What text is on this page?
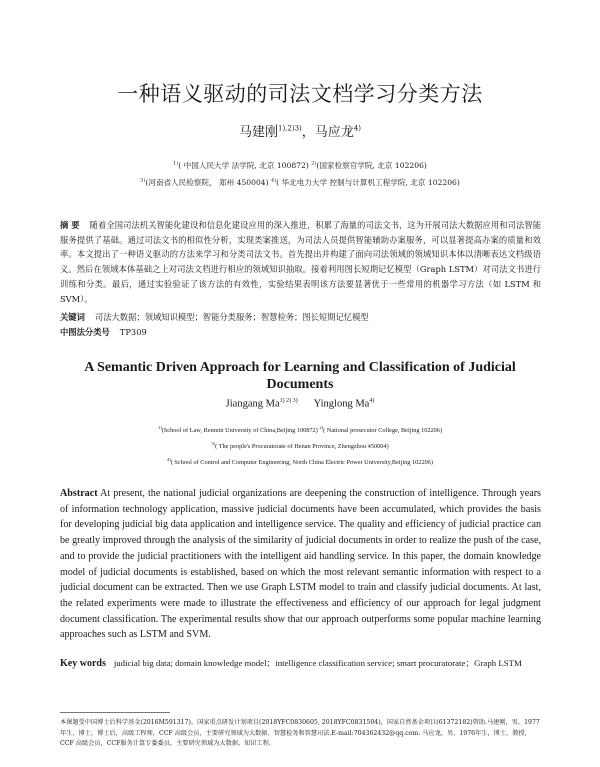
一种语义驱动的司法文档学习分类方法
马建刚$^{1),2)3)}$，马应龙$^{4)}$
$^{1)}$( 中国人民大学 法学院, 北京 100872) $^{2)}$(国家检察官学院, 北京 102206)
$^{3)}$(河南省人民检察院， 郑州 450004) $^{4)}$( 华北电力大学 控制与计算机工程学院, 北京 102206)
摘 要 随着全国司法机关智能化建设和信息化建设应用的深入推进，积累了海量的司法文书，这为开展司法大数据应用和司法智能服务提供了基础。通过司法文书的相似性分析，实现类案推送，为司法人员提供智能辅助办案服务，可以显著提高办案的质量和效率。本文提出了一种语义驱动的方法来学习和分类司法文书。首先提出并构建了面向司法领域的领域知识本体以清晰表达文档级语义。然后在领域本体基础之上对司法文档进行相应的领域知识抽取。接着利用图长短期记忆模型（Graph LSTM）对司法文书进行训练和分类。最后，通过实验验证了该方法的有效性，实验结果表明该方法要显著优于一些常用的机器学习方法（如 LSTM 和 SVM）。
关键词 司法大数据；领域知识模型；智能分类服务；智慧检务；图长短期记忆模型
中图法分类号 TP309
A Semantic Driven Approach for Learning and Classification of Judicial
Documents
Jiangang $Ma^{1) 2) 3)}$ Yinglong Ma$^{4)}$
$^{1)}$(School of Law, Renmin University of China,Beijing 100872) $^{2)}$( National prosecutor College, Beijing 102206)
$^{3)}$( The people's Procuratorate of Henan Province, Zhengzhou 450004)
$^{4)}$( School of Control and Computer Engineering, North China Electric Power University,Beijing 102206)
Abstract At present, the national judicial organizations are deepening the construction of intelligence. Through years of information technology application, massive judicial documents have been accumulated, which provides the basis for developing judicial big data application and intelligence service. The quality and efficiency of judicial practice can be greatly improved through the analysis of the similarity of judicial documents in order to realize the push of the case, and to provide the judicial practitioners with the intelligent aid handling service. In this paper, the domain knowledge model of judicial documents is established, based on which the most relevant semantic information with respect to a judicial document can be extracted. Then we use Graph LSTM model to train and classify judicial documents. At last, the related experiments were made to illustrate the effectiveness and efficiency of our approach for legal judgment document classification. The experimental results show that our approach outperforms some popular machine learning approaches such as LSTM and SVM.
Key words judicial big data; domain knowledge model；intelligence classification service; smart procuratorate；Graph LSTM
本课题受中国博士后科学基金(2016M591317)，国家重点研发计划项目(2018YFC0830605, 2018YFC0831504)，国家自然基金项目(61372182)资助.马建刚，男，1977年生，博士，博士后，高级工程师，CCF 高级会员，主要研究领域为大数据、智慧检务和智慧司法.E-mail:704362432@qq.com. 马应龙，男，1976年生，博士，教授，CCF 高级会员，CCF服务计算专委委员，主要研究领域为大数据、知识工程.
